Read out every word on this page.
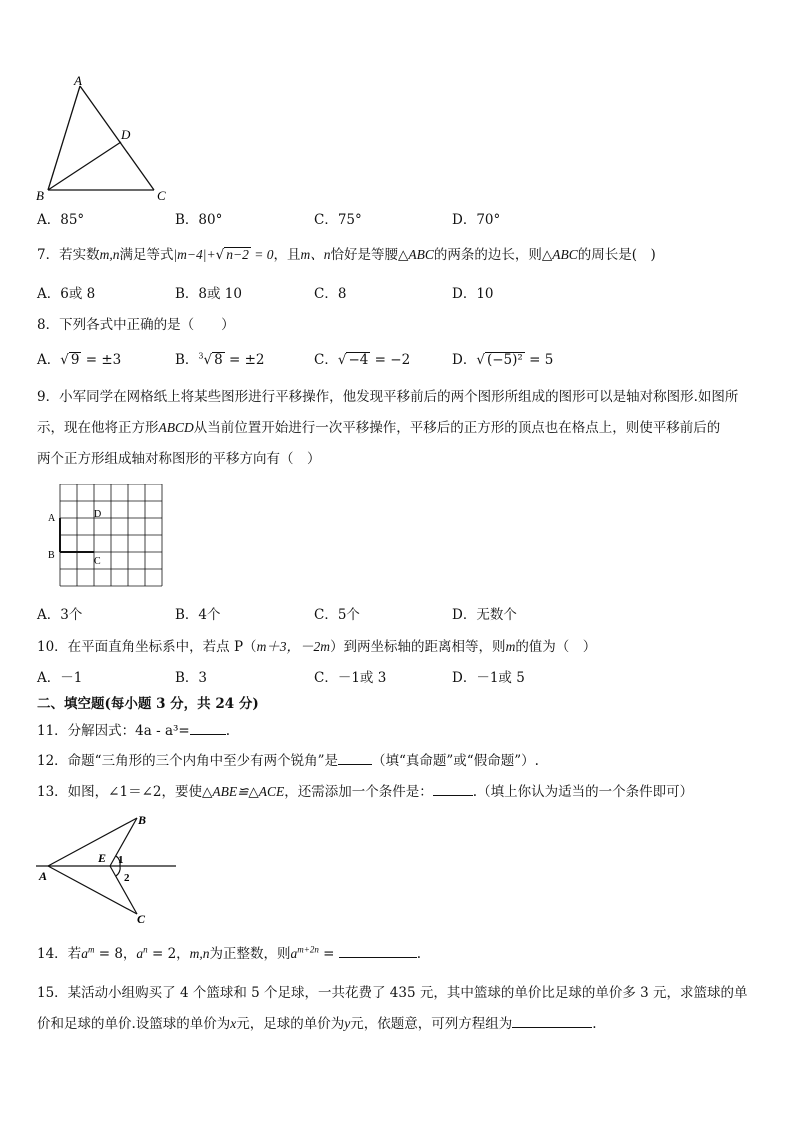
A
D
B	C
A．85°	B．80°	C．75°	D．70°
7．若实数m,n满足等式|m−4|+√ n−2 = 0，且m、n恰好是等腰△ABC的两条的边长，则△ABC的周长是(　)
A．6或 8	B．8或 10	C．8	D．10
8．下列各式中正确的是（　　）
A．√ 9 = ±3	B．$^3$√ 8 = ±2	C．√ −4 = −2	D．√ (−5)² = 5
9．小军同学在网格纸上将某些图形进行平移操作，他发现平移前后的两个图形所组成的图形可以是轴对称图形.如图所
示，现在他将正方形ABCD从当前位置开始进行一次平移操作，平移后的正方形的顶点也在格点上，则使平移前后的
两个正方形组成轴对称图形的平移方向有（　）
A	D
B
C
A．3个	B．4个	C．5个	D．无数个
10．在平面直角坐标系中，若点 P（m＋3，－2m）到两坐标轴的距离相等，则m的值为（　）
A．－1	B．3	C．－1或 3	D．－1或 5
二、填空题(每小题 3 分，共 24 分)
11．分解因式：4a - a³=	.
12．命题“三角形的三个内角中至少有两个锐角”是	（填“真命题”或“假命题”）.
13．如图，∠1＝∠2，要使△ABE≌△ACE，还需添加一个条件是：	.（填上你认为适当的一个条件即可）
B
E 1
2
A
C
14．若$a^m = 8$，$a^n = 2$，m,n为正整数，则$a^{m+2n}$ =	.
15．某活动小组购买了 4 个篮球和 5 个足球，一共花费了 435 元，其中篮球的单价比足球的单价多 3 元，求篮球的单
价和足球的单价.设篮球的单价为x元，足球的单价为y元，依题意，可列方程组为	.
